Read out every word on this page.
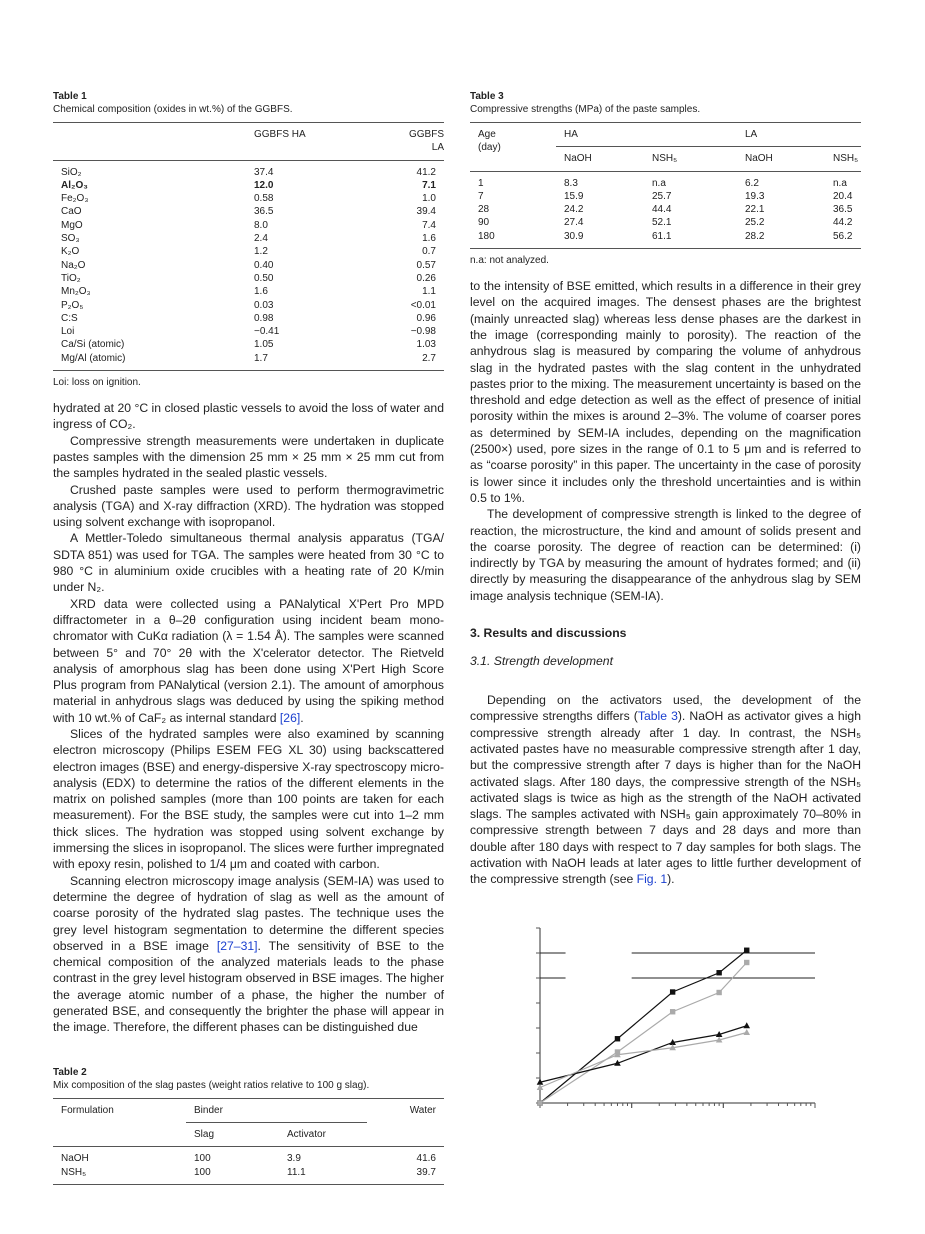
Table 1
Chemical composition (oxides in wt.%) of the GGBFS.
	GGBFS HA	GGBFS LA
SiO₂	37.4	41.2
Al₂O₃	12.0	7.1
Fe₂O₃	0.58	1.0
CaO	36.5	39.4
MgO	8.0	7.4
SO₃	2.4	1.6
K₂O	1.2	0.7
Na₂O	0.40	0.57
TiO₂	0.50	0.26
Mn₂O₃	1.6	1.1
P₂O₅	0.03	<0.01
C:S	0.98	0.96
Loi	−0.41	−0.98
Ca/Si (atomic)	1.05	1.03
Mg/Al (atomic)	1.7	2.7
Loi: loss on ignition.

hydrated at 20 °C in closed plastic vessels to avoid the loss of water and ingress of CO₂.

Compressive strength measurements were undertaken in duplicate pastes samples with the dimension 25 mm × 25 mm × 25 mm cut from the samples hydrated in the sealed plastic vessels.

Crushed paste samples were used to perform thermogravimetric analysis (TGA) and X-ray diffraction (XRD). The hydration was stopped using solvent exchange with isopropanol.

A Mettler-Toledo simultaneous thermal analysis apparatus (TGA/ SDTA 851) was used for TGA. The samples were heated from 30 °C to 980 °C in aluminium oxide crucibles with a heating rate of 20 K/min under N₂.

XRD data were collected using a PANalytical X'Pert Pro MPD diffractometer in a θ–2θ configuration using incident beam monochromator with CuKα radiation (λ = 1.54 Å). The samples were scanned between 5° and 70° 2θ with the X'celerator detector. The Rietveld analysis of amorphous slag has been done using X'Pert High Score Plus program from PANalytical (version 2.1). The amount of amorphous material in anhydrous slags was deduced by using the spiking method with 10 wt.% of CaF₂ as internal standard [26].

Slices of the hydrated samples were also examined by scanning electron microscopy (Philips ESEM FEG XL 30) using backscattered electron images (BSE) and energy-dispersive X-ray spectroscopy microanalysis (EDX) to determine the ratios of the different elements in the matrix on polished samples (more than 100 points are taken for each measurement). For the BSE study, the samples were cut into 1–2 mm thick slices. The hydration was stopped using solvent exchange by immersing the slices in isopropanol. The slices were further impregnated with epoxy resin, polished to 1/4 μm and coated with carbon.

Scanning electron microscopy image analysis (SEM-IA) was used to determine the degree of hydration of slag as well as the amount of coarse porosity of the hydrated slag pastes. The technique uses the grey level histogram segmentation to determine the different species observed in a BSE image [27–31]. The sensitivity of BSE to the chemical composition of the analyzed materials leads to the phase contrast in the grey level histogram observed in BSE images. The higher the average atomic number of a phase, the higher the number of generated BSE, and consequently the brighter the phase will appear in the image. Therefore, the different phases can be distinguished due

Table 2
Mix composition of the slag pastes (weight ratios relative to 100 g slag).
Formulation	Binder		Water
	Slag	Activator	
NaOH	100	3.9	41.6
NSH₅	100	11.1	39.7
Table 3
Compressive strengths (MPa) of the paste samples.
Age
(day)	HA		LA	
	NaOH	NSH₅	NaOH	NSH₅
1	8.3	n.a	6.2	n.a
7	15.9	25.7	19.3	20.4
28	24.2	44.4	22.1	36.5
90	27.4	52.1	25.2	44.2
180	30.9	61.1	28.2	56.2
n.a: not analyzed.

to the intensity of BSE emitted, which results in a difference in their grey level on the acquired images. The densest phases are the brightest (mainly unreacted slag) whereas less dense phases are the darkest in the image (corresponding mainly to porosity). The reaction of the anhydrous slag is measured by comparing the volume of anhydrous slag in the hydrated pastes with the slag content in the unhydrated pastes prior to the mixing. The measurement uncertainty is based on the threshold and edge detection as well as the effect of presence of initial porosity within the mixes is around 2–3%. The volume of coarser pores as determined by SEM-IA includes, depending on the magnification (2500×) used, pore sizes in the range of 0.1 to 5 μm and is referred to as “coarse porosity” in this paper. The uncertainty in the case of porosity is lower since it includes only the threshold uncertainties and is within 0.5 to 1%.

The development of compressive strength is linked to the degree of reaction, the microstructure, the kind and amount of solids present and the coarse porosity. The degree of reaction can be determined: (i) indirectly by TGA by measuring the amount of hydrates formed; and (ii) directly by measuring the disappearance of the anhydrous slag by SEM image analysis technique (SEM-IA).

3. Results and discussions

3.1. Strength development

Depending on the activators used, the development of the compressive strengths differs (Table 3). NaOH as activator gives a high compressive strength already after 1 day. In contrast, the NSH₅ activated pastes have no measurable compressive strength after 1 day, but the compressive strength after 7 days is higher than for the NaOH activated slags. After 180 days, the compressive strength of the NSH₅ activated slags is twice as high as the strength of the NaOH activated slags. The samples activated with NSH₅ gain approximately 70–80% in compressive strength between 7 days and 28 days and more than double after 180 days with respect to 7 day samples for both slags. The activation with NaOH leads at later ages to little further development of the compressive strength (see Fig. 1).
